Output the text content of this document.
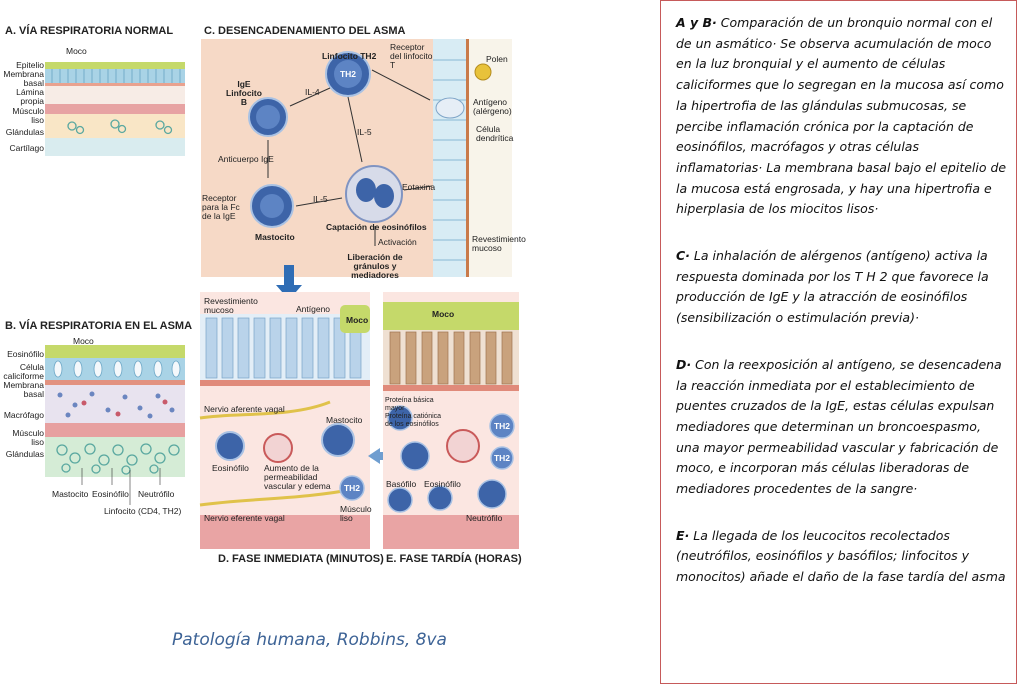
A. VÍA RESPIRATORIA NORMAL	C. DESENCADENAMIENTO DEL ASMA
B. VÍA RESPIRATORIA EN EL ASMA
D. FASE INMEDIATA (MINUTOS) E. FASE TARDÍA (HORAS)
Moco
Epitelio
Membrana basal
Lámina propia
Músculo liso
Glándulas
Cartílago
Moco
Eosinófilo
Célula caliciforme
Membrana basal
Macrófago
Músculo liso
Glándulas
Mastocito Eosinófilo Neutrófilo
Linfocito (CD4, TH2)
Linfocito TH2
TH2
Receptor del linfocito T
Polen
Antígeno (alérgeno)
Célula dendrítica
IgE Linfocito B
IL-4
IL-5
Anticuerpo IgE
Receptor para la Fc de la IgE
Mastocito
IL-5
Eotaxina
Captación de eosinófilos
Activación
Liberación de gránulos y mediadores
Revestimiento mucoso
Revestimiento mucoso	Antígeno
Moco
Nervio aferente vagal
Mastocito
Eosinófilo Aumento de la permeabilidad vascular y edema
Nervio eferente vagal
Músculo liso
TH2
Moco
Proteína básica mayor
Proteína catiónica de los eosinófilos	TH2
TH2
Basófilo Eosinófilo
Neutrófilo
Patología humana, Robbins, 8va

A y B· Comparación de un bronquio normal con el de un asmático· Se observa acumulación de moco en la luz bronquial y el aumento de células caliciformes que lo segregan en la mucosa así como la hipertrofia de las glándulas submucosas, se percibe inflamación crónica por la captación de eosinófilos, macrófagos y otras células inflamatorias· La membrana basal bajo el epitelio de la mucosa está engrosada, y hay una hipertrofia e hiperplasia de los miocitos lisos·

C· La inhalación de alérgenos (antígeno) activa la respuesta dominada por los T H 2 que favorece la producción de IgE y la atracción de eosinófilos (sensibilización o estimulación previa)·

D· Con la reexposición al antígeno, se desencadena la reacción inmediata por el establecimiento de puentes cruzados de la IgE, estas células expulsan mediadores que determinan un broncoespasmo, una mayor permeabilidad vascular y fabricación de moco, e incorporan más células liberadoras de mediadores procedentes de la sangre·

E· La llegada de los leucocitos recolectados (neutrófilos, eosinófilos y basófilos; linfocitos y monocitos) añade el daño de la fase tardía del asma
